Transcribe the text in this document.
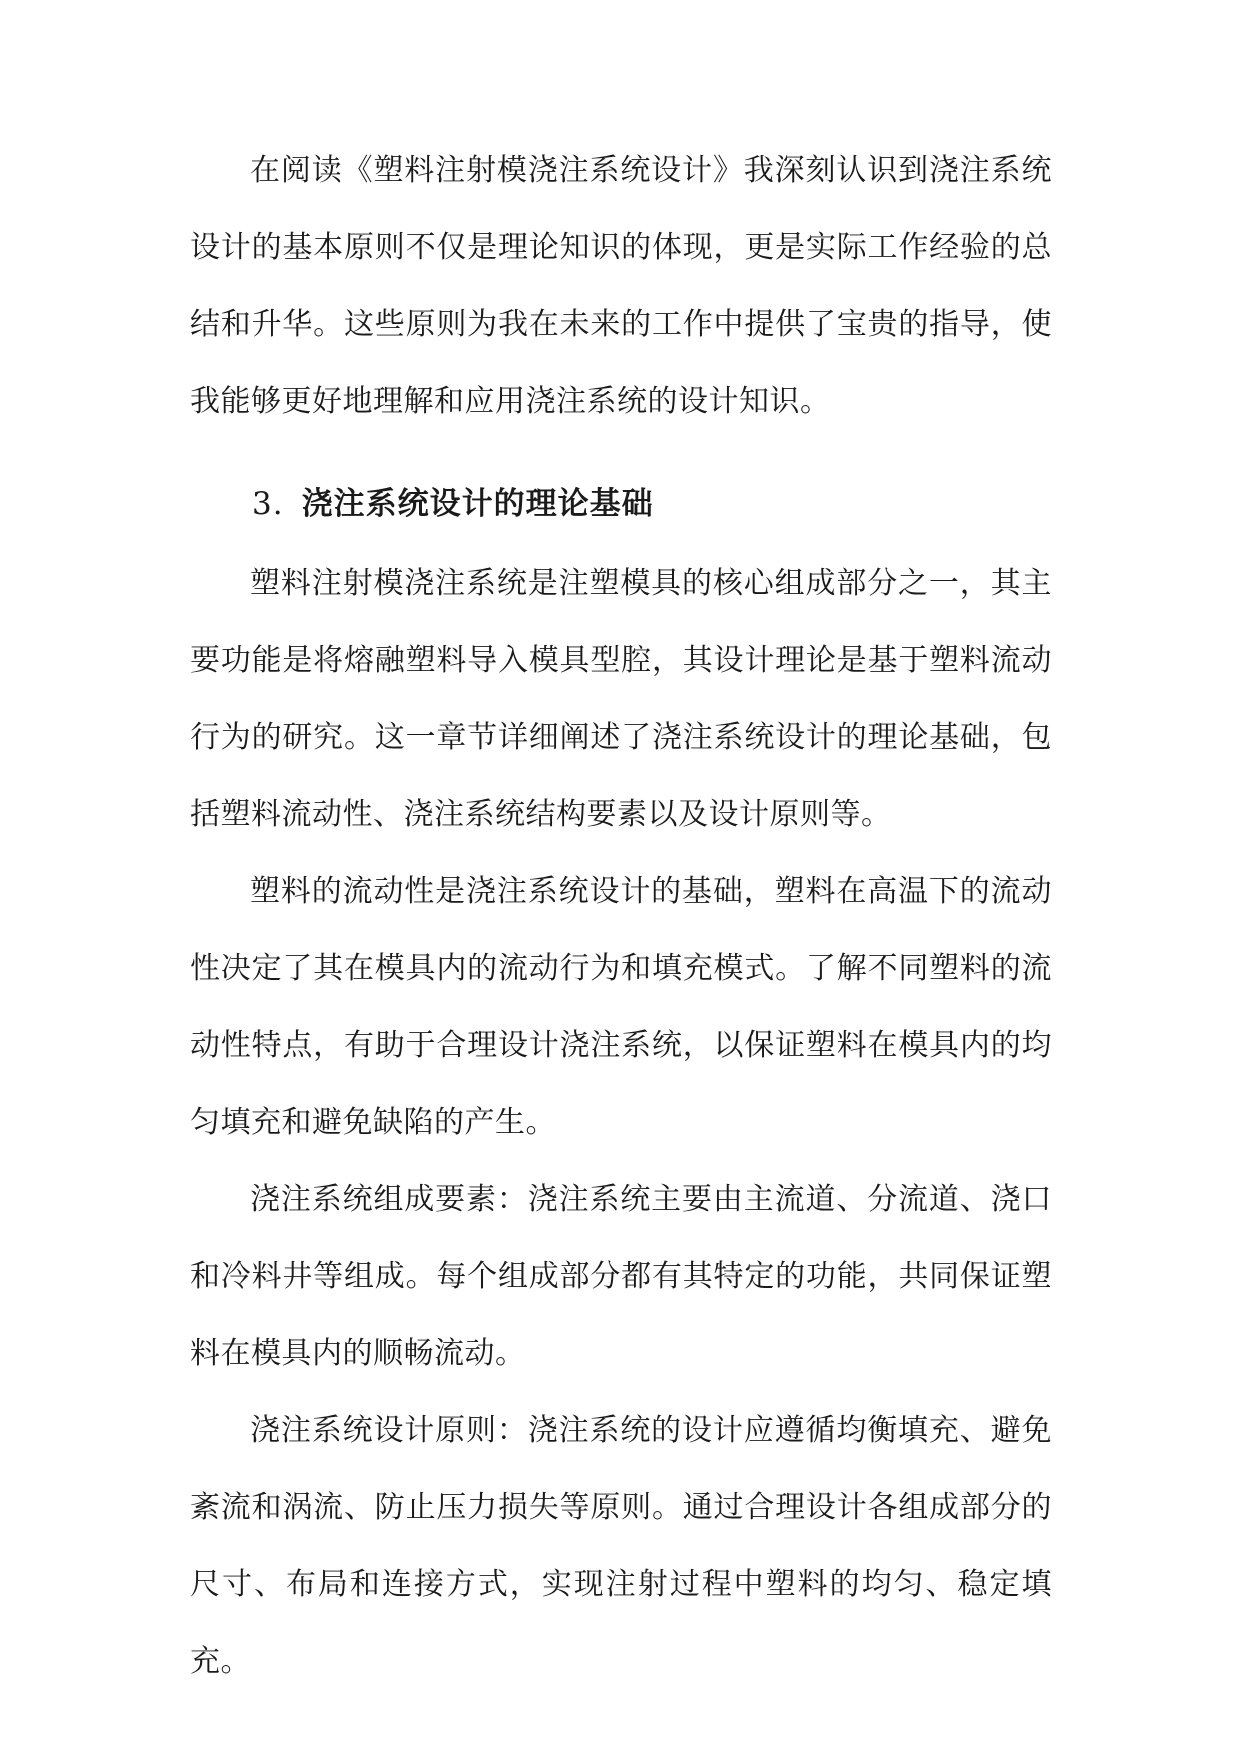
在阅读《塑料注射模浇注系统设计》我深刻认识到浇注系统设计的基本原则不仅是理论知识的体现，更是实际工作经验的总结和升华。这些原则为我在未来的工作中提供了宝贵的指导，使我能够更好地理解和应用浇注系统的设计知识。

3. 浇注系统设计的理论基础

塑料注射模浇注系统是注塑模具的核心组成部分之一，其主要功能是将熔融塑料导入模具型腔，其设计理论是基于塑料流动行为的研究。这一章节详细阐述了浇注系统设计的理论基础，包括塑料流动性、浇注系统结构要素以及设计原则等。

塑料的流动性是浇注系统设计的基础，塑料在高温下的流动性决定了其在模具内的流动行为和填充模式。了解不同塑料的流动性特点，有助于合理设计浇注系统，以保证塑料在模具内的均匀填充和避免缺陷的产生。

浇注系统组成要素：浇注系统主要由主流道、分流道、浇口和冷料井等组成。每个组成部分都有其特定的功能，共同保证塑料在模具内的顺畅流动。

浇注系统设计原则：浇注系统的设计应遵循均衡填充、避免紊流和涡流、防止压力损失等原则。通过合理设计各组成部分的尺寸、布局和连接方式，实现注射过程中塑料的均匀、稳定填充。
